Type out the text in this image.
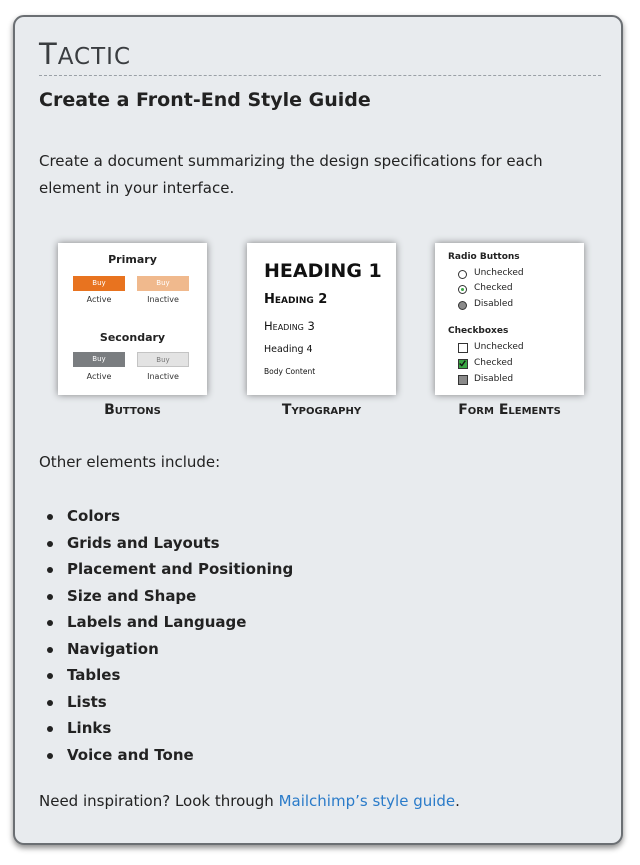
TACTIC
Create a Front-End Style Guide
Create a document summarizing the design specifications for each element in your interface.
Primary
Buy	Buy
Active	Inactive
Secondary
Buy	Buy
Active	Inactive
Buttons
HEADING 1
Heading 2
Heading 3
Heading 4
Body Content
Typography
Radio Buttons
Unchecked
Checked
Disabled
Checkboxes
Unchecked
Checked
Disabled
Form Elements
Other elements include:
Colors
Grids and Layouts
Placement and Positioning
Size and Shape
Labels and Language
Navigation
Tables
Lists
Links
Voice and Tone
Need inspiration? Look through Mailchimp’s style guide.
